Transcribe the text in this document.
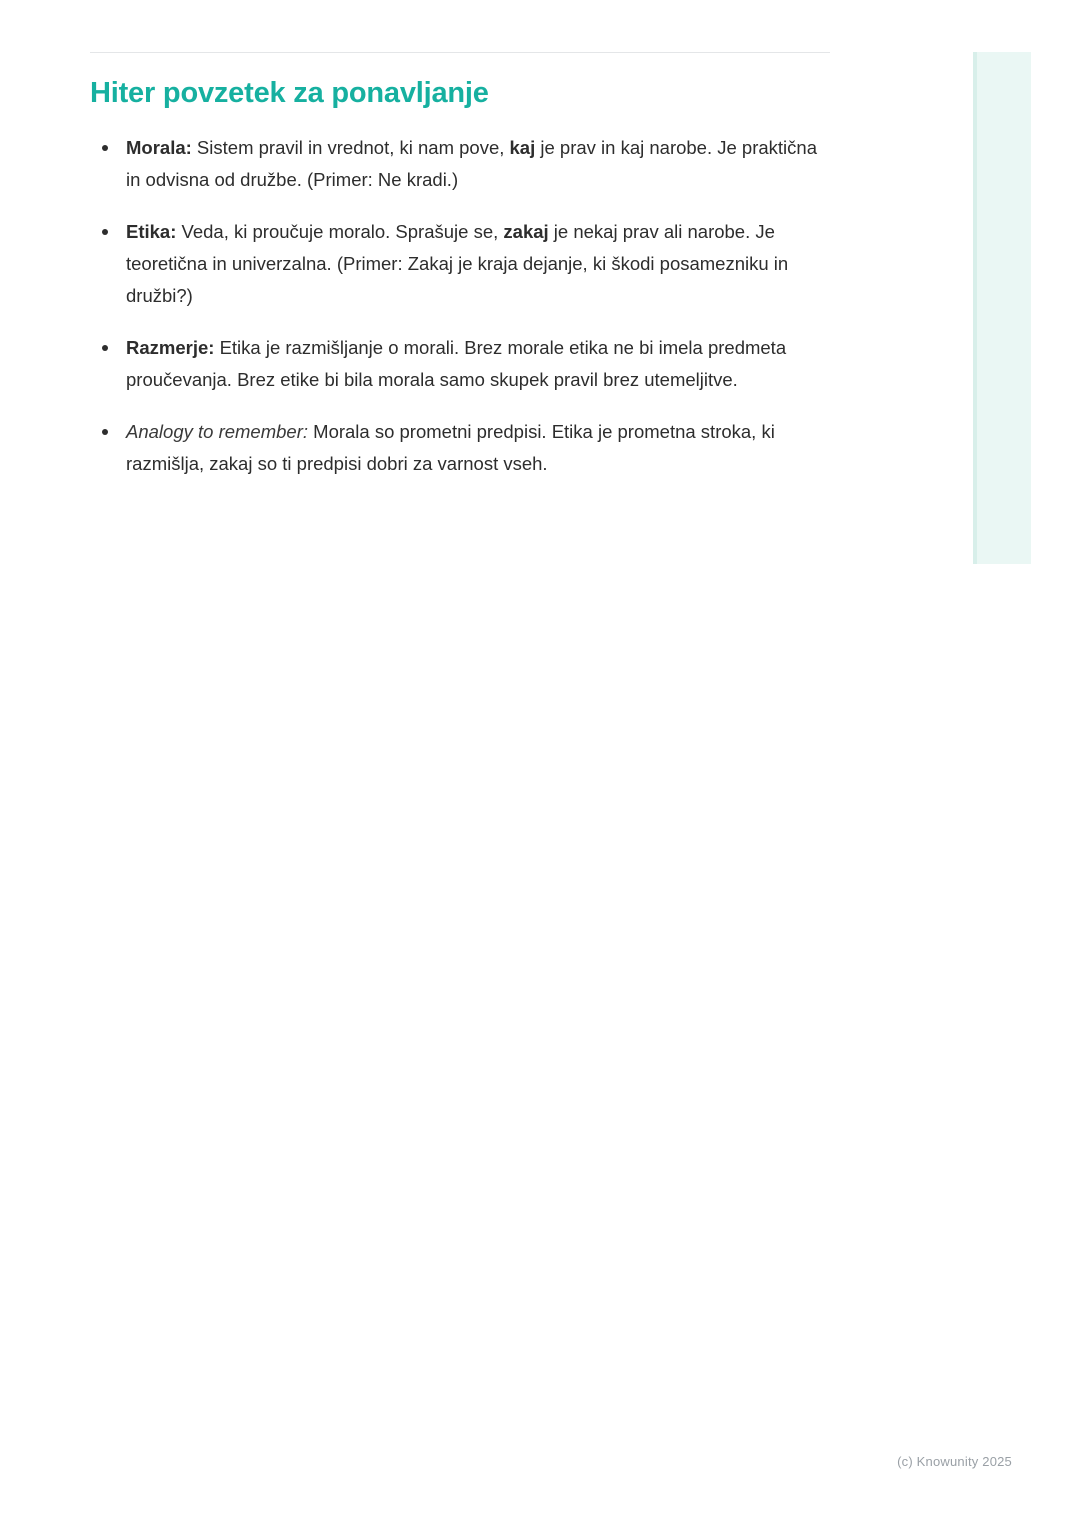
Hiter povzetek za ponavljanje
Morala: Sistem pravil in vrednot, ki nam pove, kaj je prav in kaj narobe. Je praktična in odvisna od družbe. (Primer: Ne kradi.)
Etika: Veda, ki proučuje moralo. Sprašuje se, zakaj je nekaj prav ali narobe. Je teoretična in univerzalna. (Primer: Zakaj je kraja dejanje, ki škodi posamezniku in družbi?)
Razmerje: Etika je razmišljanje o morali. Brez morale etika ne bi imela predmeta proučevanja. Brez etike bi bila morala samo skupek pravil brez utemeljitve.
Analogy to remember: Morala so prometni predpisi. Etika je prometna stroka, ki razmišlja, zakaj so ti predpisi dobri za varnost vseh.
(c) Knowunity 2025
